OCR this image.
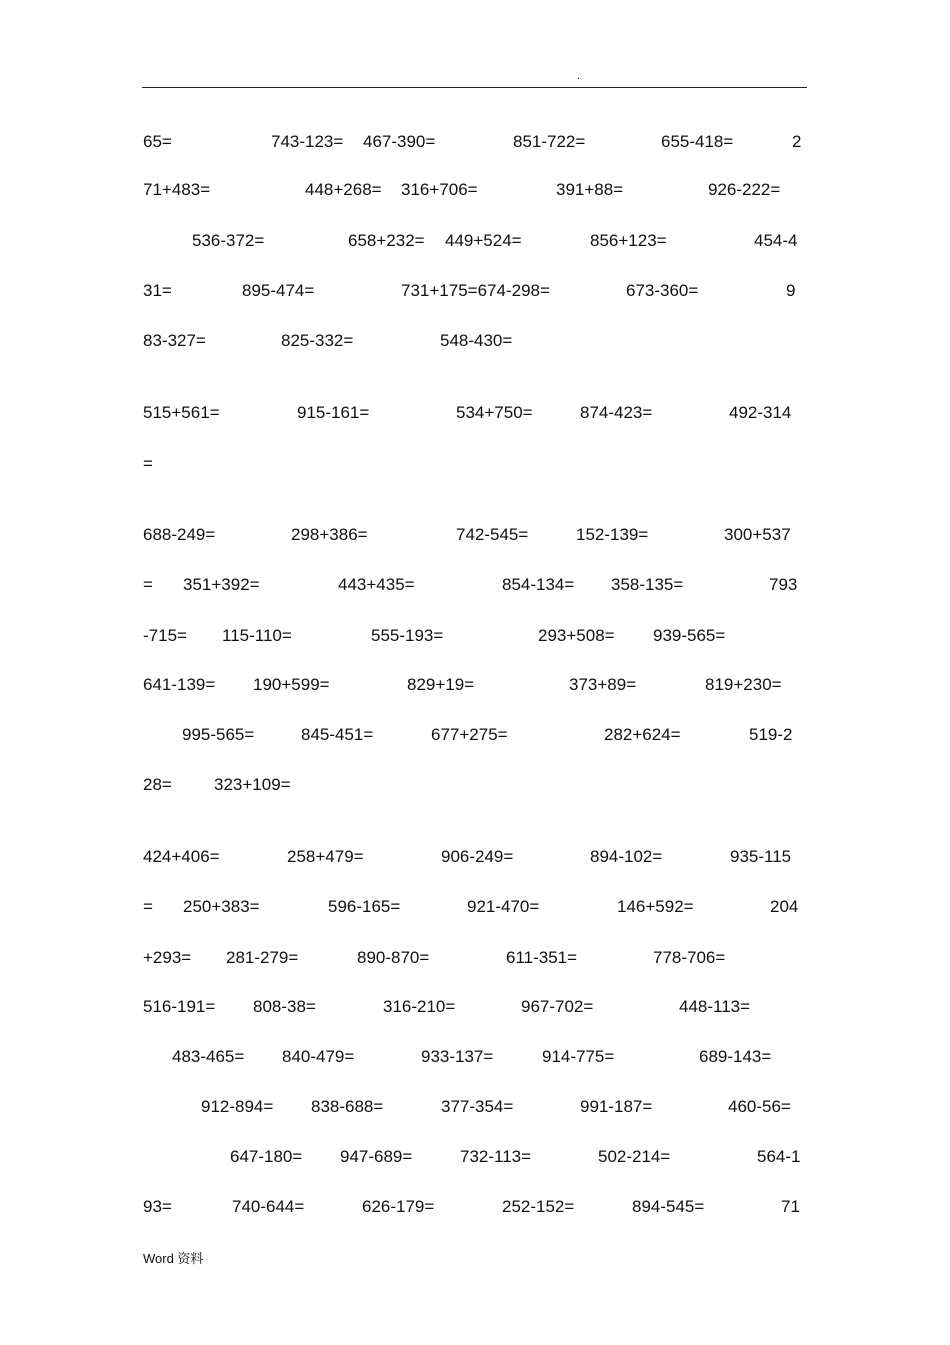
.
65=	743-123= 467-390=	851-722=	655-418=	2
71+483=	448+268= 316+706=	391+88=	926-222=
536-372=	658+232= 449+524=	856+123=	454-4
31=	895-474=	731+175=674-298=	673-360=	9
83-327=	825-332=	548-430=
515+561=	915-161=	534+750=	874-423=	492-314
=
688-249=	298+386=	742-545=	152-139=	300+537
= 351+392=	443+435=	854-134= 358-135=	793
-715= 115-110=	555-193=	293+508= 939-565=
641-139= 190+599=	829+19=	373+89=	819+230=
995-565=	845-451=	677+275=	282+624=	519-2
28= 323+109=
424+406=	258+479=	906-249=	894-102=	935-115
= 250+383=	596-165=	921-470=	146+592=	204
+293= 281-279=	890-870=	611-351=	778-706=
516-191= 808-38=	316-210=	967-702=	448-113=
483-465= 840-479=	933-137=	914-775=	689-143=
912-894= 838-688=	377-354=	991-187=	460-56=
647-180= 947-689=	732-113=	502-214=	564-1
93=	740-644=	626-179=	252-152=	894-545=	71
Word 资料
